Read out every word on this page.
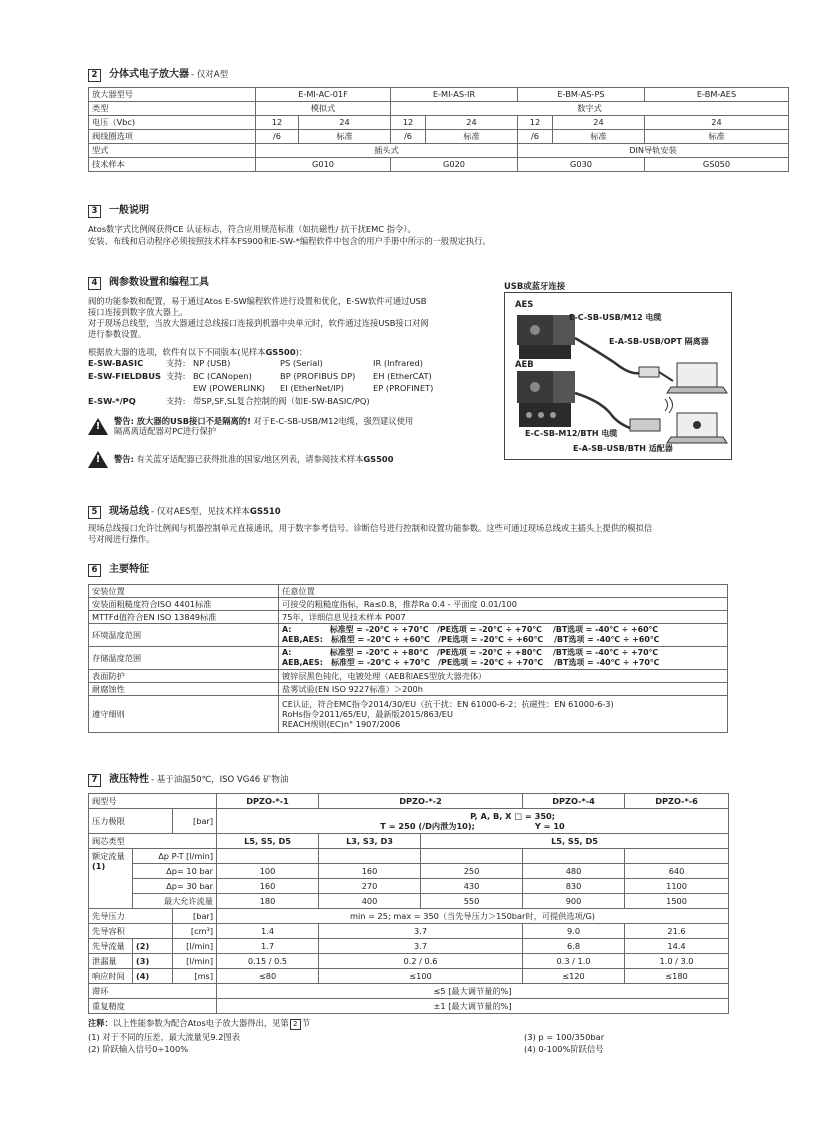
2	分体式电子放大器 - 仅对A型
放大器型号	E-MI-AC-01F		E-MI-AS-IR		E-BM-AS-PS		E-BM-AES
类型	模拟式		数字式				
电压（Vbc)	12	24	12	24	12	24	24
阀线圈选项	/6	标准	/6	标准	/6	标准	标准
型式	插头式				DIN导轨安装		
技术样本	G010		G020		G030		GS050
3	一般说明

Atos数字式比例阀获得CE 认证标志，符合应用规范标准（如抗磁性/ 抗干扰EMC 指令）。

安装、布线和启动程序必须按照技术样本FS900和E-SW-*编程软件中包含的用户手册中所示的一般规定执行。

4	阀参数设置和编程工具

阀的功能参数和配置，易于通过Atos E-SW编程软件进行设置和优化，E-SW软件可通过USB

接口连接到数字放大器上。

对于现场总线型，当放大器通过总线接口连接到机器中央单元时，软件通过连接USB接口对阀

进行参数设置。

根据放大器的选项，软件有以下不同版本(见样本GS500)：

E-SW-BASIC	支持: NP (USB)	PS (Serial)	IR (Infrared)
E-SW-FIELDBUS 支持: BC (CANopen)	BP (PROFIBUS DP) EH (EtherCAT)
EW (POWERLINK) EI (EtherNet/IP)	EP (PROFINET)
E-SW-*/PQ	支持: 带SP,SF,SL复合控制的阀（如E-SW-BASIC/PQ)
! 警告: 放大器的USB接口不是隔离的! 对于E-C-SB-USB/M12电缆，强烈建议使用
隔离离适配器对PC进行保护
! 警告: 有关蓝牙适配器已获得批准的国家/地区列表，请参阅技术样本GS500
USB或蓝牙连接
AES
AEB
E-C-SB-USB/M12 电缆
E-A-SB-USB/OPT 隔离器
E-C-SB-M12/BTH 电缆
E-A-SB-USB/BTH 适配器
5	现场总线 - 仅对AES型，见技术样本GS510

现场总线接口允许比例阀与机器控制单元直接通讯，用于数字参考信号、诊断信号进行控制和设置功能参数。这些可通过现场总线或主插头上提供的模拟信

号对阀进行操作。

6	主要特征
安装位置	任意位置
安装面粗糙度符合ISO 4401标准	可接受的粗糙度指标，Ra≤0.8，推荐Ra 0.4 - 平面度 0.01/100
MTTFd值符合EN ISO 13849标准	75年，详细信息见技术样本 P007
环境温度范围	A:              标准型 = -20℃ ÷ +70℃   /PE选项 = -20℃ ÷ +70℃    /BT选项 = -40℃ ÷ +60℃
AEB,AES:   标准型 = -20℃ ÷ +60℃   /PE选项 = -20℃ ÷ +60℃    /BT选项 = -40℃ ÷ +60℃

存储温度范围	A:              标准型 = -20℃ ÷ +80℃   /PE选项 = -20℃ ÷ +80℃    /BT选项 = -40℃ ÷ +70℃
AEB,AES:   标准型 = -20℃ ÷ +70℃   /PE选项 = -20℃ ÷ +70℃    /BT选项 = -40℃ ÷ +70℃

表面防护	镀锌层黑色钝化，电镀处理（AEB和AES型放大器壳体）
耐腐蚀性	盐雾试验(EN ISO 9227标准）＞200h
遵守细则	CE认证，符合EMC指令2014/30/EU（抗干扰：EN 61000-6-2；抗磁性：EN 61000-6-3)
RoHs指令2011/65/EU，最新版2015/863/EU
REACH规则(EC)n° 1907/2006
7	液压特性 - 基于油温50℃，ISO VG46 矿物油
阀型号			DPZO-*-1	DPZO-*-2		DPZO-*-4	DPZO-*-6
压力极限		[bar]	P, A, B, X □ = 350;
T = 250 (/D内泄为10); Y = 10				

阀芯类型			L5, S5, D5	L3, S3, D3	L5, S5, D5		

额定流量
(1)	Δp P-T [l/min]						
	Δp= 10 bar		100	160	250	480	640
	Δp= 30 bar		160	270	430	830	1100
	最大允许流量		180	400	550	900	1500
先导压力		[bar]	min = 25; max = 350（当先导压力＞150bar时，可提供选项/G)				
先导容积		[cm³]	1.4	3.7		9.0	21.6
先导流量	(2)	[l/min]	1.7	3.7		6.8	14.4
泄漏量	(3)	[l/min]	0.15 / 0.5	0.2 / 0.6		0.3 / 1.0	1.0 / 3.0
响应时间	(4)	[ms]	≤80	≤100		≤120	≤180
滞环			≤5 [最大调节量的%]				
重复精度			±1 [最大调节量的%]				

注释：以上性能参数为配合Atos电子放大器得出，见第 2 节

(1) 对于不同的压差，最大流量见9.2图表
(2) 阶跃输入信号0÷100%
(3) p = 100/350bar
(4) 0-100%阶跃信号
